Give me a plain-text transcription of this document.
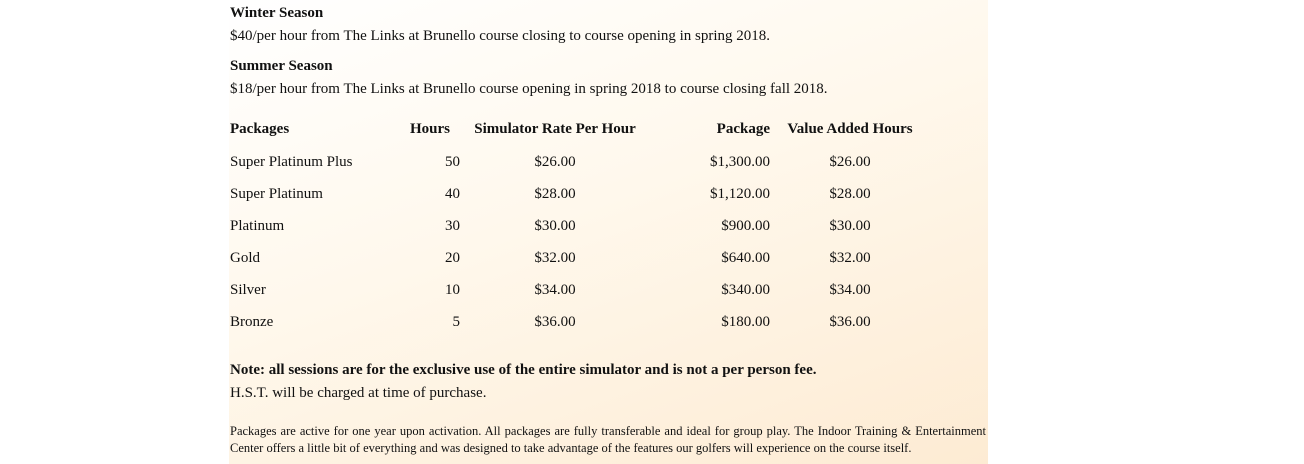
Winter Season
$40/per hour from The Links at Brunello course closing to course opening in spring 2018.
Summer Season
$18/per hour from The Links at Brunello course opening in spring 2018 to course closing fall 2018.
Packages	Hours	Simulator Rate Per Hour	Package	Value Added Hours
Super Platinum Plus	50	$26.00	$1,300.00	$26.00
Super Platinum	40	$28.00	$1,120.00	$28.00
Platinum	30	$30.00	$900.00	$30.00
Gold	20	$32.00	$640.00	$32.00
Silver	10	$34.00	$340.00	$34.00
Bronze	5	$36.00	$180.00	$36.00
Note: all sessions are for the exclusive use of the entire simulator and is not a per person fee.
H.S.T. will be charged at time of purchase.
Packages are active for one year upon activation. All packages are fully transferable and ideal for group play. The Indoor Training & Entertainment Center offers a little bit of everything and was designed to take advantage of the features our golfers will experience on the course itself.
